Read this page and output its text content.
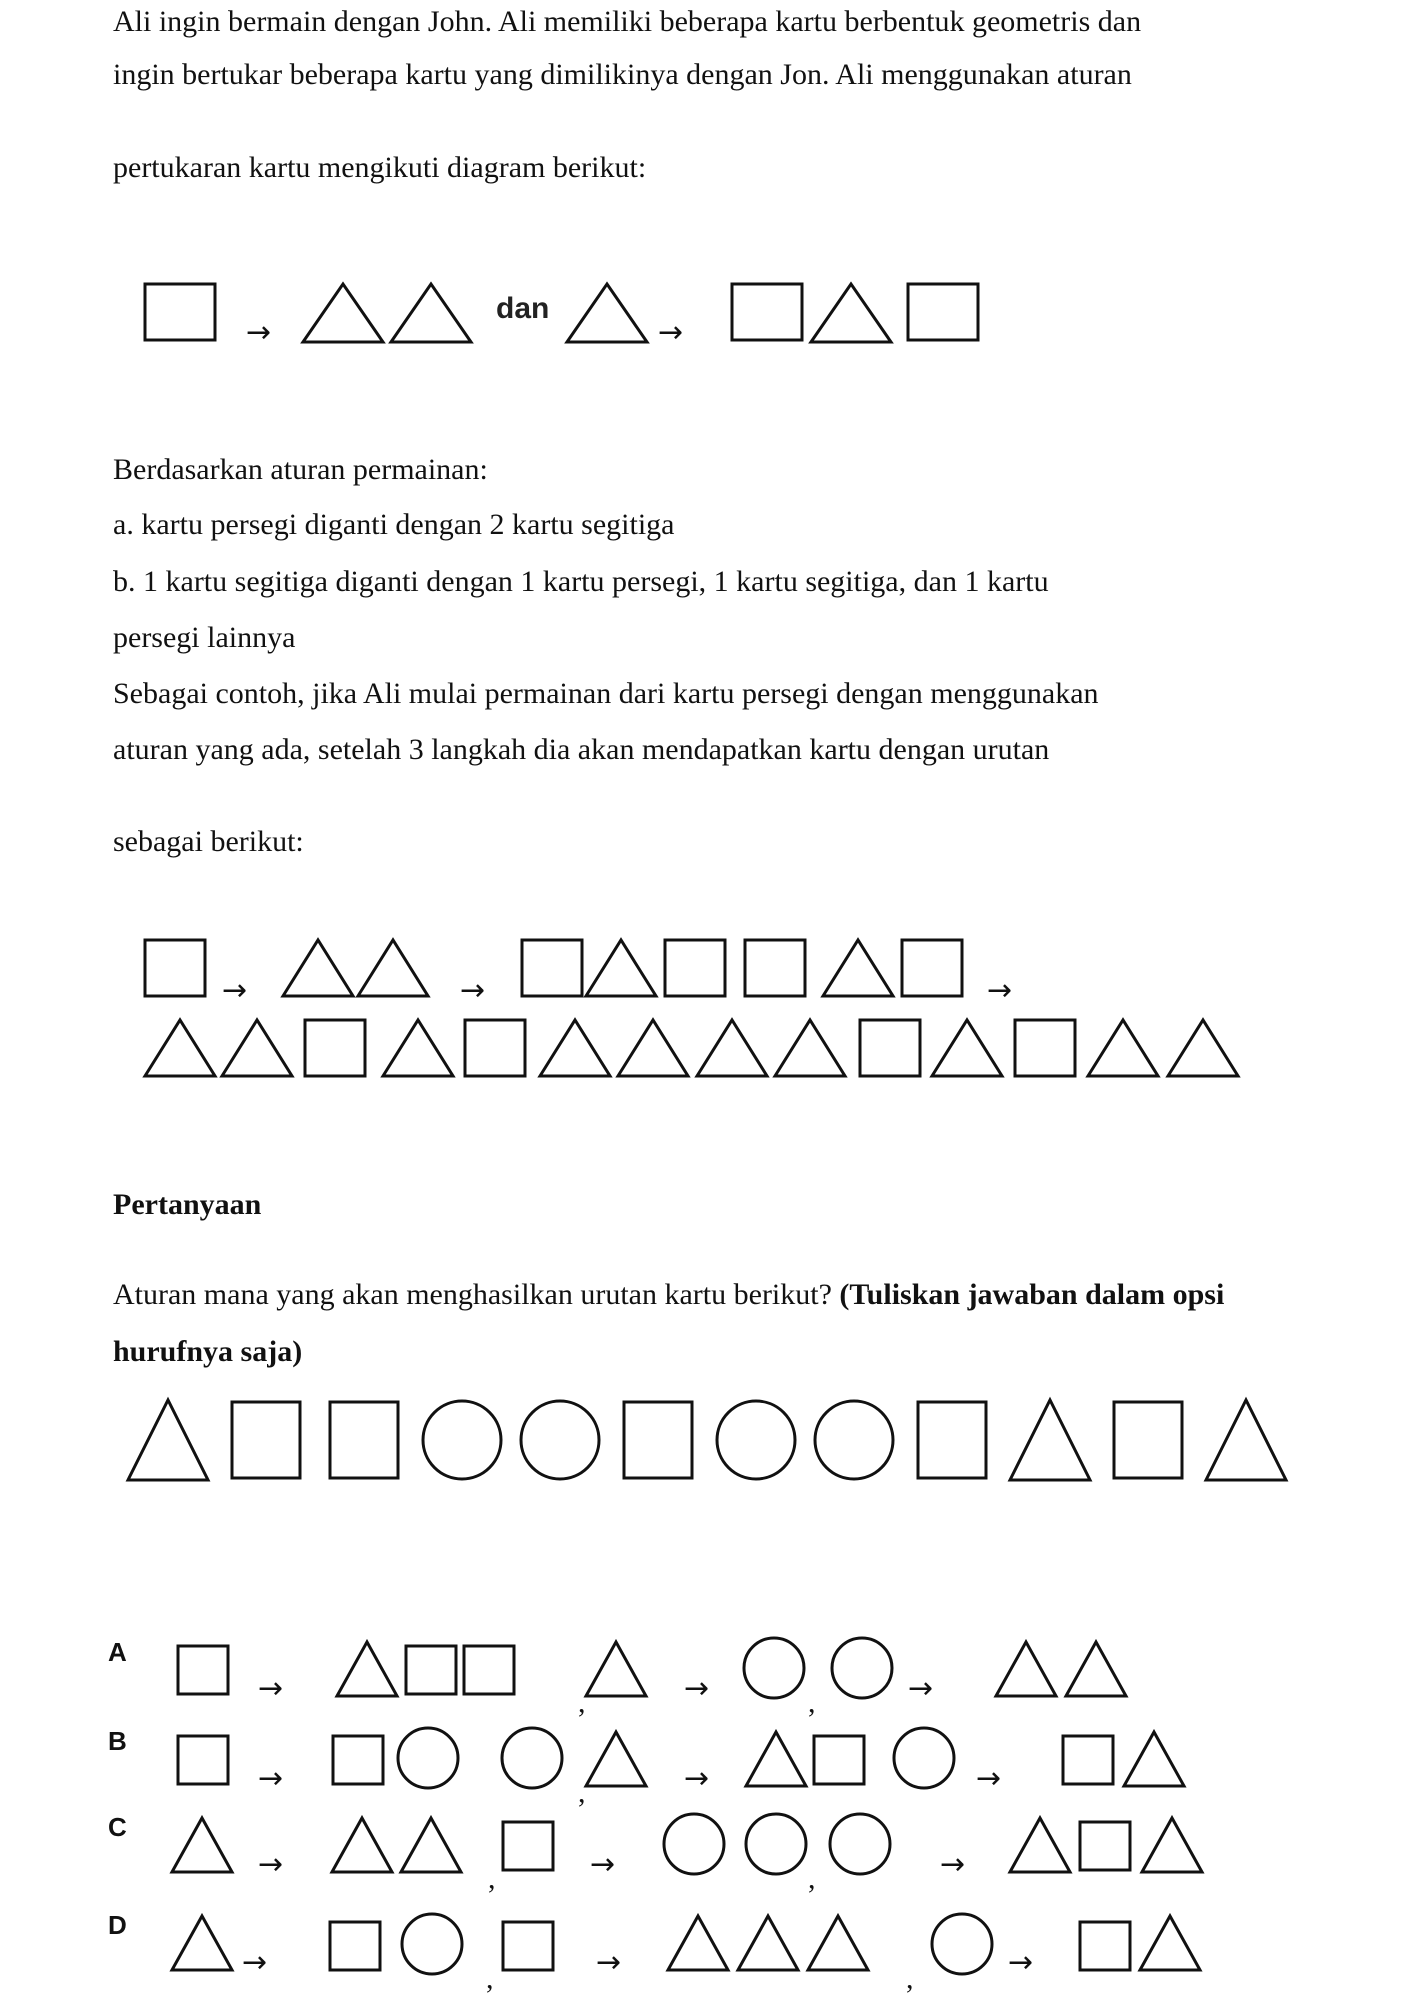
Ali ingin bermain dengan John. Ali memiliki beberapa kartu berbentuk geometris dan
ingin bertukar beberapa kartu yang dimilikinya dengan Jon. Ali menggunakan aturan
pertukaran kartu mengikuti diagram berikut:
Berdasarkan aturan permainan:
a. kartu persegi diganti dengan 2 kartu segitiga
b. 1 kartu segitiga diganti dengan 1 kartu persegi, 1 kartu segitiga, dan 1 kartu
persegi lainnya
Sebagai contoh, jika Ali mulai permainan dari kartu persegi dengan menggunakan
aturan yang ada, setelah 3 langkah dia akan mendapatkan kartu dengan urutan
sebagai berikut:
Pertanyaan
Aturan mana yang akan menghasilkan urutan kartu berikut? (Tuliskan jawaban dalam opsi
hurufnya saja)
A
B
C
D
→
dan
→
→	→	→
→	,	→	,	→
→	,	→	→
→	,	→	,	→
→	,	→	,	→
